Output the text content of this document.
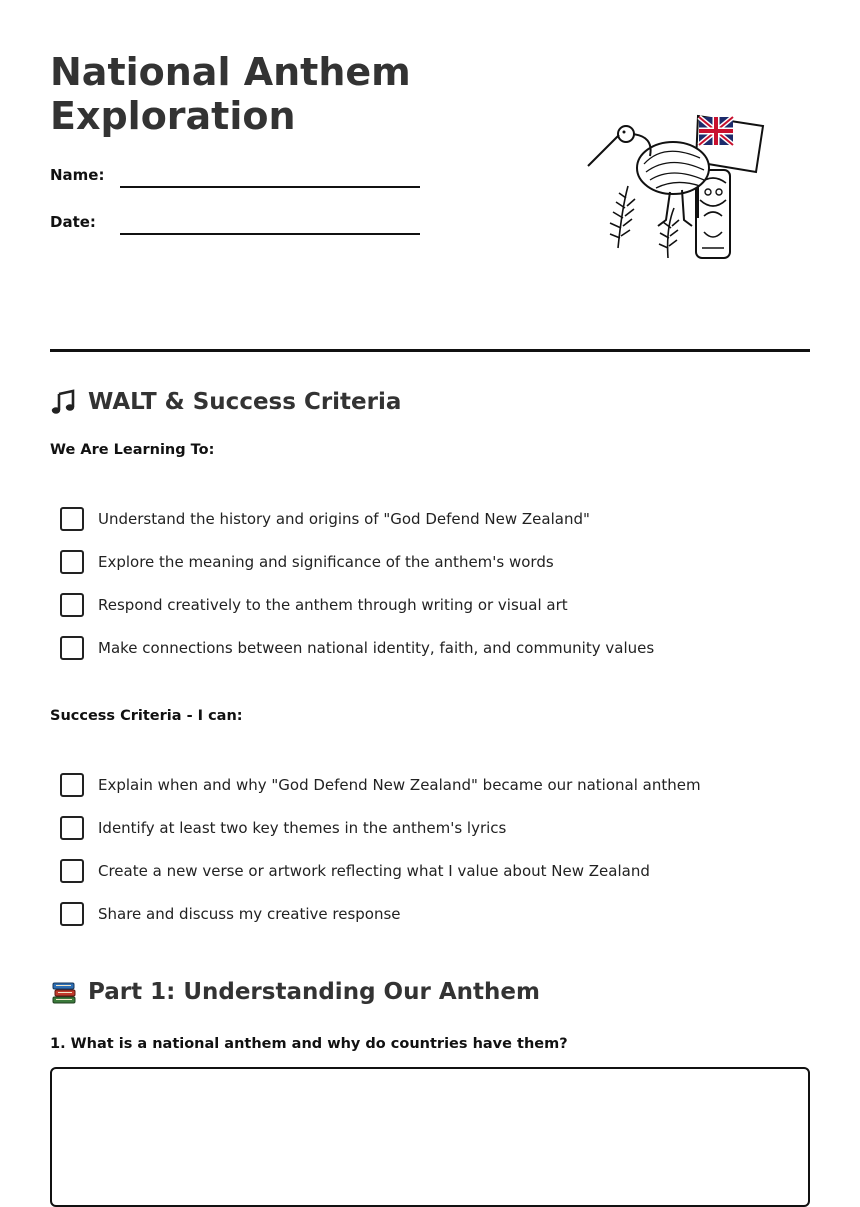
National Anthem
Exploration
Name:
Date:
WALT & Success Criteria
We Are Learning To:
Understand the history and origins of "God Defend New Zealand"
Explore the meaning and significance of the anthem's words
Respond creatively to the anthem through writing or visual art
Make connections between national identity, faith, and community values
Success Criteria - I can:
Explain when and why "God Defend New Zealand" became our national anthem
Identify at least two key themes in the anthem's lyrics
Create a new verse or artwork reflecting what I value about New Zealand
Share and discuss my creative response
Part 1: Understanding Our Anthem
1. What is a national anthem and why do countries have them?
